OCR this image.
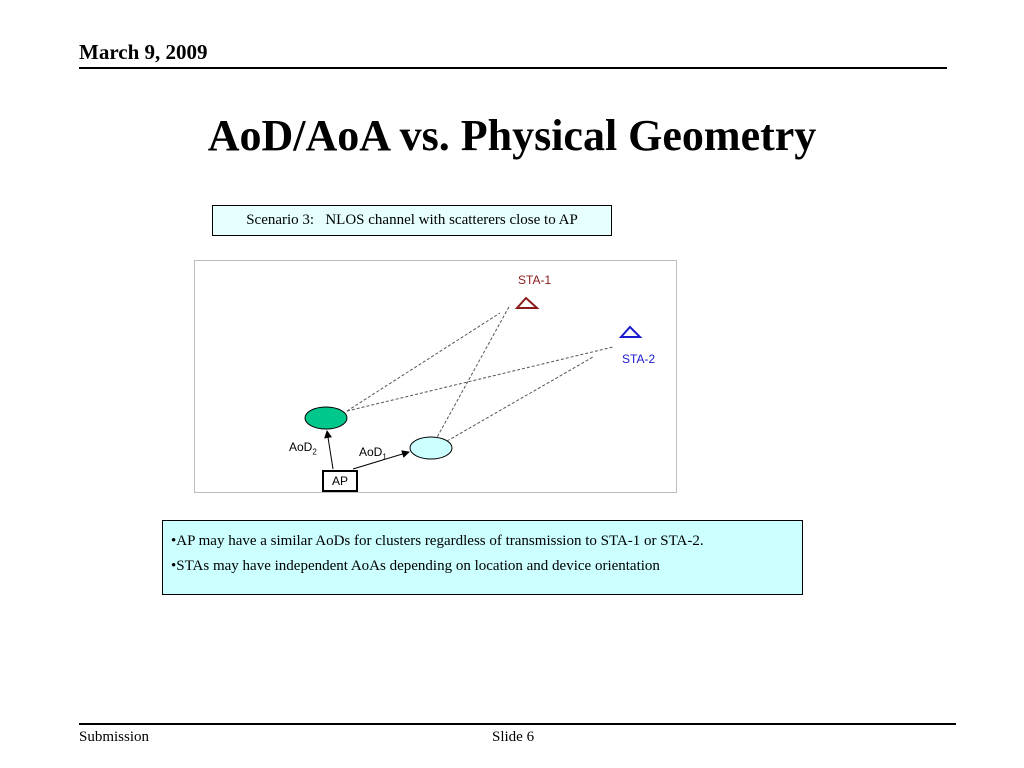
March 9, 2009
AoD/AoA vs. Physical Geometry
Scenario 3:   NLOS channel with scatterers close to AP
STA-1
STA-2
AoD$_2$	AoD$_1$
AP

•AP may have a similar AoDs for clusters regardless of transmission to STA-1 or STA-2.

•STAs may have independent AoAs depending on location and device orientation

Submission	Slide 6
